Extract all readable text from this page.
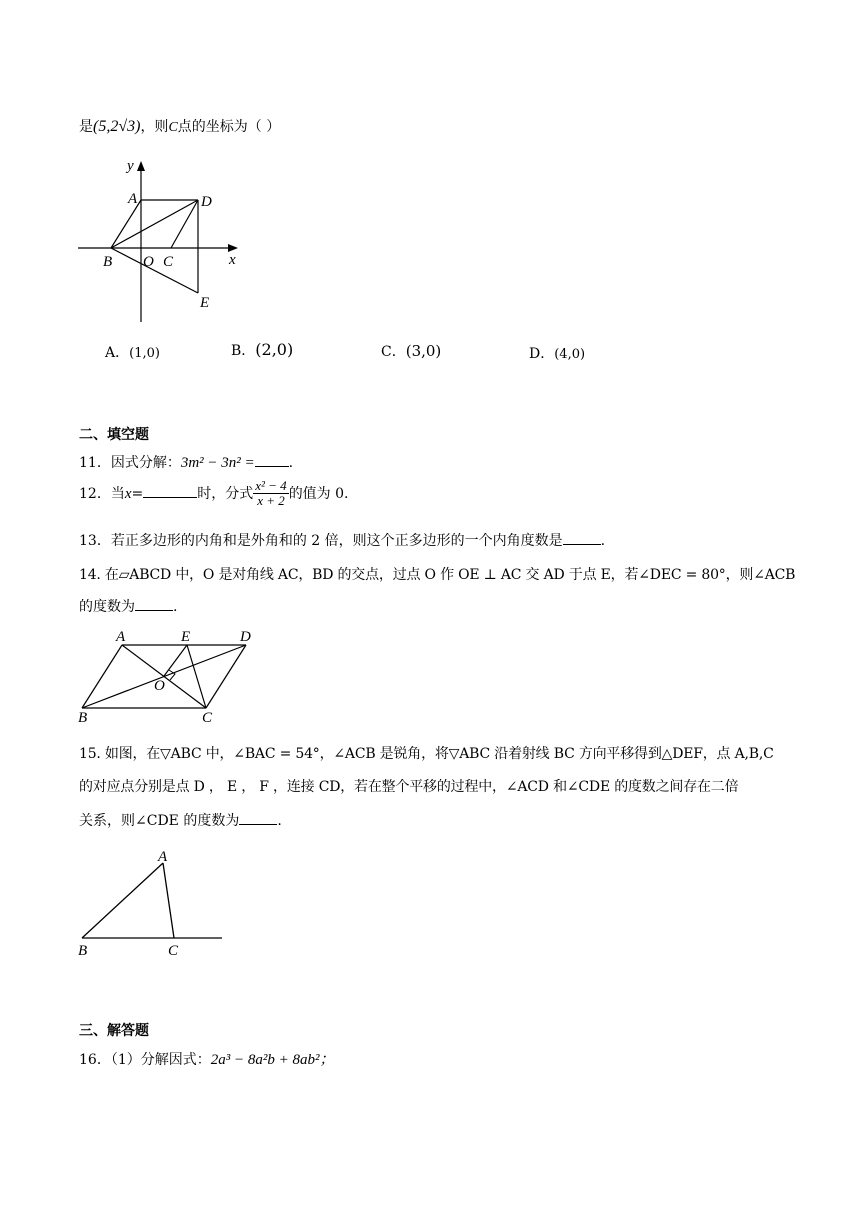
是(5,2√3)，则C点的坐标为（ ）
y
A	D
B O C	x
E
A．(1,0)	B．(2,0)	C．(3,0)	D．(4,0)
二、填空题
11．因式分解：3m² − 3n² = .
12．当x=	时，分式 $\frac{\text{x² − 4}}{x + 2}$ 的值为 0.
13．若正多边形的内角和是外角和的 2 倍，则这个正多边形的一个内角度数是	.
14. 在▱ABCD 中，O 是对角线 AC，BD 的交点，过点 O 作 OE ⊥ AC 交 AD 于点 E，若∠DEC = 80°，则∠ACB
的度数为	.
A	E	D
O
B	C
15. 如图，在▽ABC 中，∠BAC = 54°，∠ACB 是锐角，将▽ABC 沿着射线 BC 方向平移得到△DEF，点 A,B,C
的对应点分别是点 D ， E ， F ，连接 CD，若在整个平移的过程中，∠ACD 和∠CDE 的度数之间存在二倍
关系，则∠CDE 的度数为	.
A
B	C
三、解答题
16．（1）分解因式：2a³ − 8a²b + 8ab²；
